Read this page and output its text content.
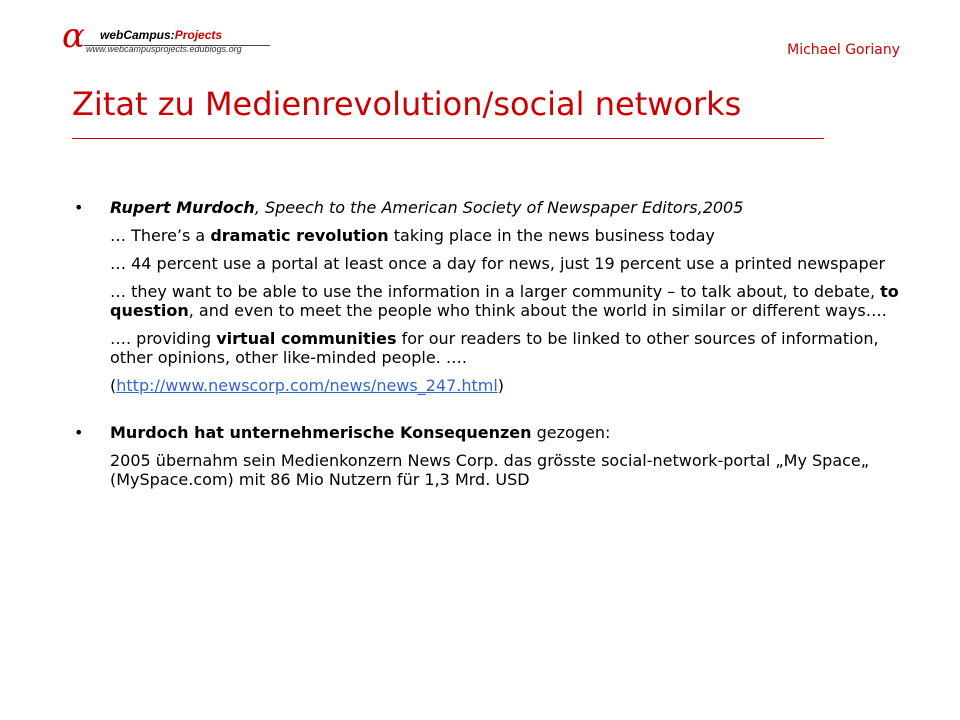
α webCampus:Projects
www.webcampusprojects.edublogs.org	Michael Goriany
Zitat zu Medienrevolution/social networks
• Rupert Murdoch, Speech to the American Society of Newspaper Editors,2005

… There’s a dramatic revolution taking place in the news business today

… 44 percent use a portal at least once a day for news, just 19 percent use a printed newspaper

… they want to be able to use the information in a larger community – to talk about, to debate, to question, and even to meet the people who think about the world in similar or different ways….

…. providing virtual communities for our readers to be linked to other sources of information, other opinions, other like-minded people. ….

(http://www.newscorp.com/news/news_247.html)

• Murdoch hat unternehmerische Konsequenzen gezogen:

2005 übernahm sein Medienkonzern News Corp. das grösste social-network-portal „My Space„ (MySpace.com) mit 86 Mio Nutzern für 1,3 Mrd. USD
